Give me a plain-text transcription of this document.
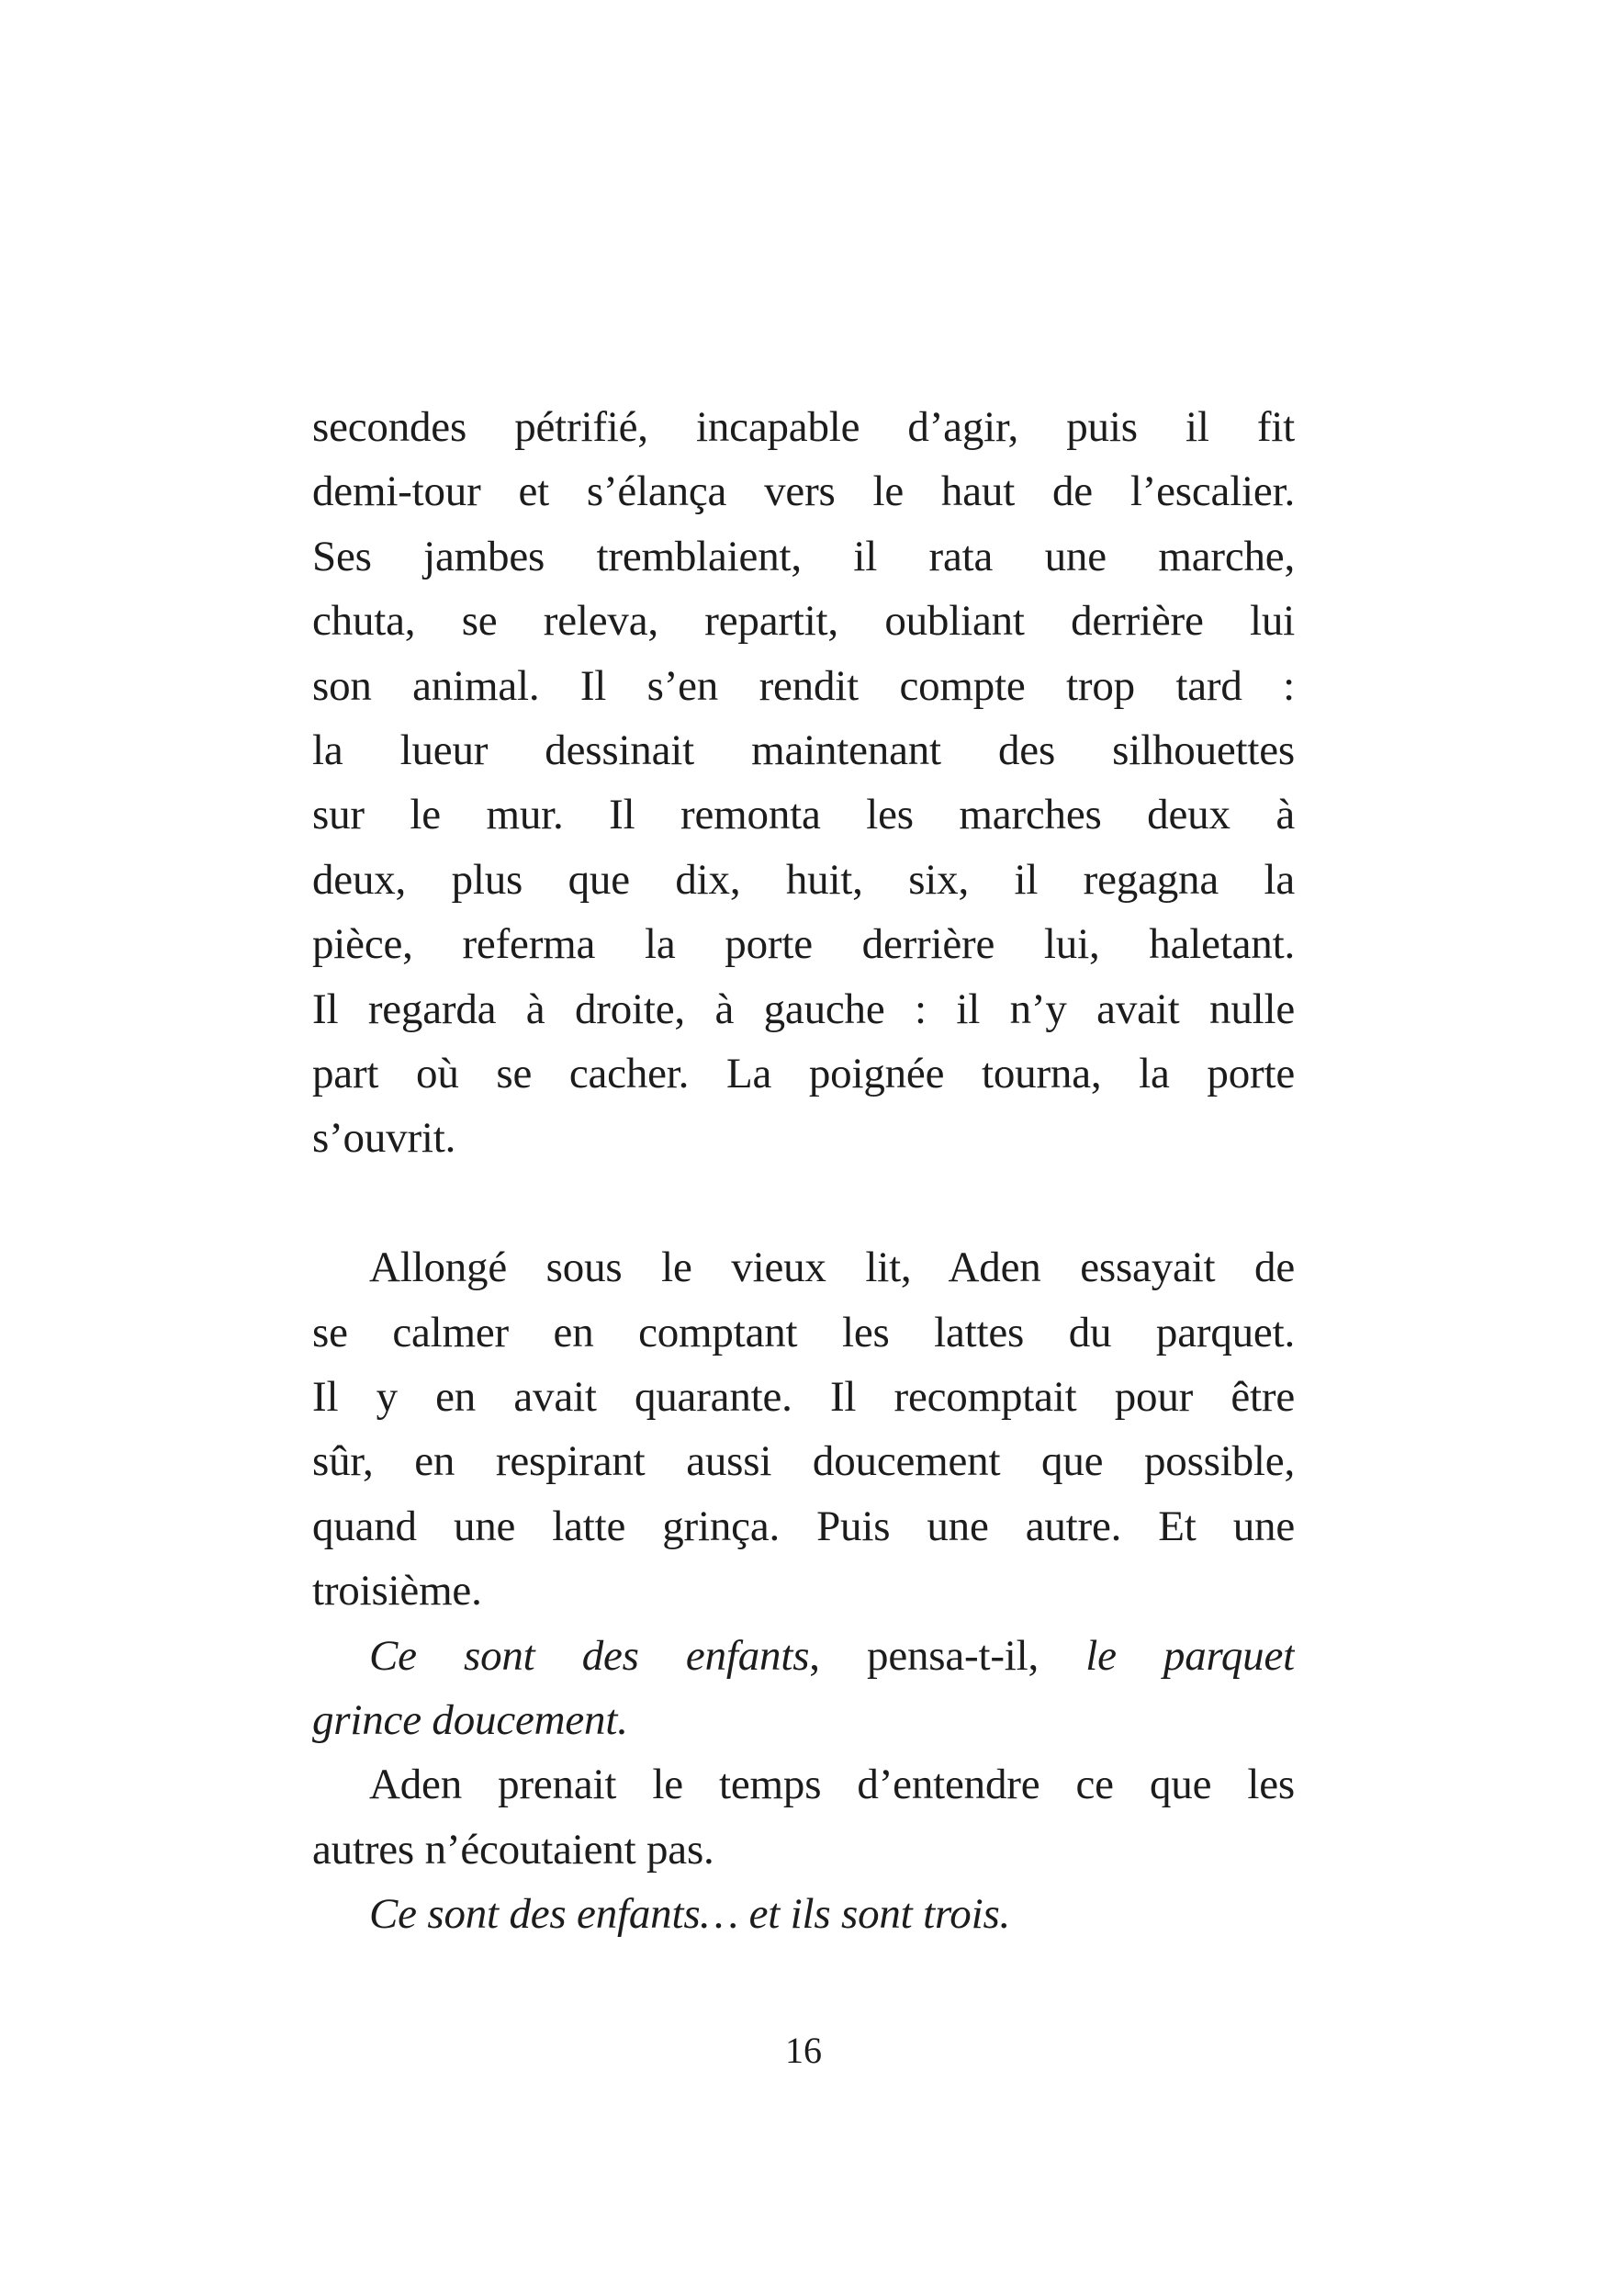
secondes pétrifié, incapable d’agir, puis il fit
demi-tour et s’élança vers le haut de l’escalier.
Ses jambes tremblaient, il rata une marche,
chuta, se releva, repartit, oubliant derrière lui
son animal. Il s’en rendit compte trop tard :
la lueur dessinait maintenant des silhouettes
sur le mur. Il remonta les marches deux à
deux, plus que dix, huit, six, il regagna la
pièce, referma la porte derrière lui, haletant.
Il regarda à droite, à gauche : il n’y avait nulle
part où se cacher. La poignée tourna, la porte
s’ouvrit.
Allongé sous le vieux lit, Aden essayait de
se calmer en comptant les lattes du parquet.
Il y en avait quarante. Il recomptait pour être
sûr, en respirant aussi doucement que possible,
quand une latte grinça. Puis une autre. Et une
troisième.
Ce sont des enfants, pensa-t-il, le parquet
grince doucement.
Aden prenait le temps d’entendre ce que les
autres n’écoutaient pas.
Ce sont des enfants… et ils sont trois.
16
